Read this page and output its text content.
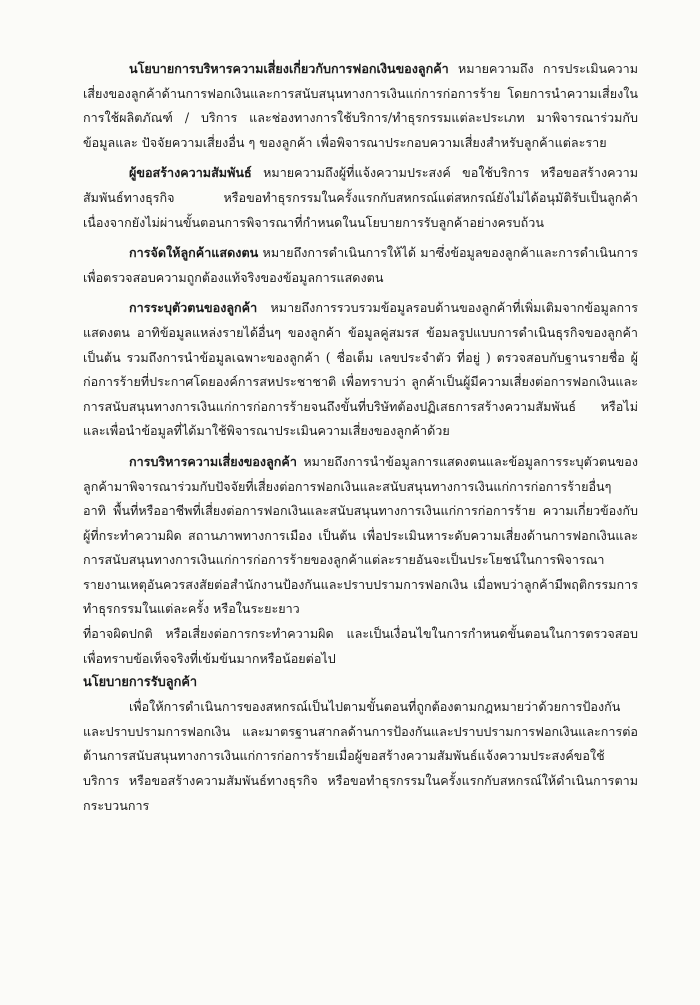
นโยบายการบริหารความเสี่ยงเกี่ยวกับการฟอกเงินของลูกค้า หมายความถึง การประเมินความเสี่ยงของลูกค้าด้านการฟอกเงินและการสนับสนุนทางการเงินแก่การก่อการร้าย โดยการนำความเสี่ยงในการใช้ผลิตภัณฑ์ / บริการ และช่องทางการใช้บริการ/ทำธุรกรรมแต่ละประเภท มาพิจารณาร่วมกับข้อมูลและ ปัจจัยความเสี่ยงอื่น ๆ ของลูกค้า เพื่อพิจารณาประกอบความเสี่ยงสำหรับลูกค้าแต่ละราย

ผู้ขอสร้างความสัมพันธ์ หมายความถึงผู้ที่แจ้งความประสงค์ ขอใช้บริการ หรือขอสร้างความสัมพันธ์ทางธุรกิจ หรือขอทำธุรกรรมในครั้งแรกกับสหกรณ์แต่สหกรณ์ยังไม่ได้อนุมัติรับเป็นลูกค้า เนื่องจากยังไม่ผ่านขั้นตอนการพิจารณาที่กำหนดในนโยบายการรับลูกค้าอย่างครบถ้วน

การจัดให้ลูกค้าแสดงตน หมายถึงการดำเนินการให้ได้ มาซึ่งข้อมูลของลูกค้าและการดำเนินการเพื่อตรวจสอบความถูกต้องแท้จริงของข้อมูลการแสดงตน

การระบุตัวตนของลูกค้า หมายถึงการรวบรวมข้อมูลรอบด้านของลูกค้าที่เพิ่มเติมจากข้อมูลการ แสดงตน อาทิข้อมูลแหล่งรายได้อื่นๆ ของลูกค้า ข้อมูลคู่สมรส ข้อมลรูปแบบการดำเนินธุรกิจของลูกค้า เป็นต้น รวมถึงการนำข้อมูลเฉพาะของลูกค้า ( ชื่อเต็ม เลขประจำตัว ที่อยู่ ) ตรวจสอบกับฐานรายชื่อ ผู้ก่อการร้ายที่ประกาศโดยองค์การสหประชาชาติ เพื่อทราบว่า ลูกค้าเป็นผู้มีความเสี่ยงต่อการฟอกเงินและ การสนับสนุนทางการเงินแก่การก่อการร้ายจนถึงขั้นที่บริษัทต้องปฏิเสธการสร้างความสัมพันธ์ หรือไม่ และเพื่อนำข้อมูลที่ได้มาใช้พิจารณาประเมินความเสี่ยงของลูกค้าด้วย

การบริหารความเสี่ยงของลูกค้า หมายถึงการนำข้อมูลการแสดงตนและข้อมูลการระบุตัวตนของลูกค้ามาพิจารณาร่วมกับปัจจัยที่เสี่ยงต่อการฟอกเงินและสนับสนุนทางการเงินแก่การก่อการร้ายอื่นๆ อาทิ พื้นที่หรืออาชีพที่เสี่ยงต่อการฟอกเงินและสนับสนุนทางการเงินแก่การก่อการร้าย ความเกี่ยวข้องกับผู้ที่กระทำความผิด สถานภาพทางการเมือง เป็นต้น เพื่อประเมินหาระดับความเสี่ยงด้านการฟอกเงินและการสนับสนุนทางการเงินแก่การก่อการร้ายของลูกค้าแต่ละรายอันจะเป็นประโยชน์ในการพิจารณารายงานเหตุอันควรสงสัยต่อสำนักงานป้องกันและปราบปรามการฟอกเงิน เมื่อพบว่าลูกค้ามีพฤติกรรมการทำธุรกรรมในแต่ละครั้ง หรือในระยะยาว

ที่อาจผิดปกติ หรือเสี่ยงต่อการกระทำความผิด และเป็นเงื่อนไขในการกำหนดขั้นตอนในการตรวจสอบเพื่อทราบข้อเท็จจริงที่เข้มข้นมากหรือน้อยต่อไป

นโยบายการรับลูกค้า

เพื่อให้การดำเนินการของสหกรณ์เป็นไปตามขั้นตอนที่ถูกต้องตามกฎหมายว่าด้วยการป้องกันและปราบปรามการฟอกเงิน และมาตรฐานสากลด้านการป้องกันและปราบปรามการฟอกเงินและการต่อต้านการสนับสนุนทางการเงินแก่การก่อการร้ายเมื่อผู้ขอสร้างความสัมพันธ์แจ้งความประสงค์ขอใช้บริการ หรือขอสร้างความสัมพันธ์ทางธุรกิจ หรือขอทำธุรกรรมในครั้งแรกกับสหกรณ์ให้ดำเนินการตามกระบวนการ
